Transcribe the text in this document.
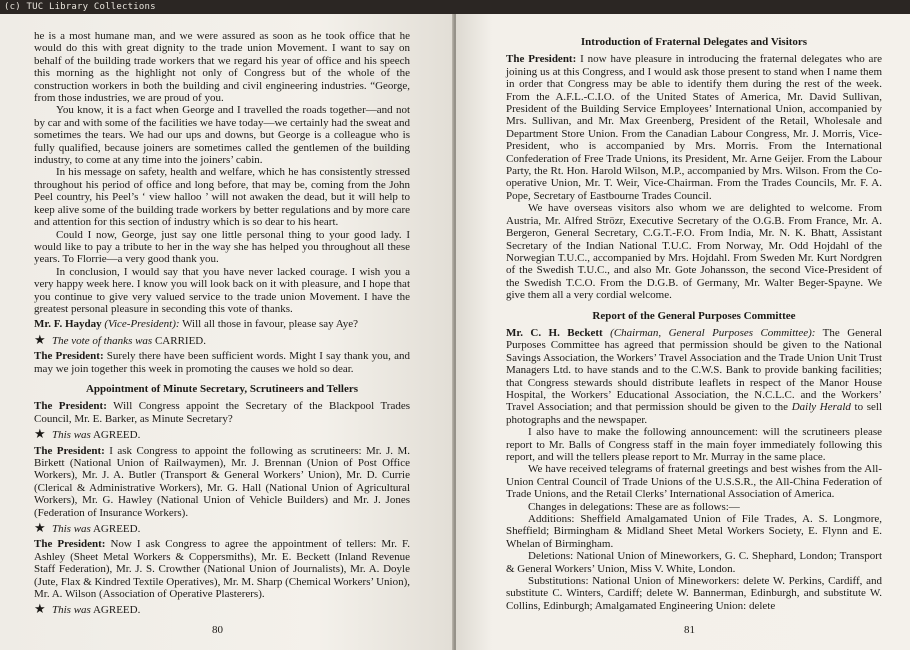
(c) TUC Library Collections

he is a most humane man, and we were assured as soon as he took office that he would do this with great dignity to the trade union Movement. I want to say on behalf of the building trade workers that we regard his year of office and his speech this morning as the highlight not only of Congress but of the whole of the construction workers in both the building and civil engineering industries. “George, from those industries, we are proud of you.

You know, it is a fact when George and I travelled the roads together—and not by car and with some of the facilities we have today—we certainly had the sweat and sometimes the tears. We had our ups and downs, but George is a colleague who is fully qualified, because joiners are sometimes called the gentlemen of the building industry, to come at any time into the joiners’ cabin.

In his message on safety, health and welfare, which he has consistently stressed throughout his period of office and long before, that may be, coming from the John Peel country, his Peel’s ‘ view halloo ’ will not awaken the dead, but it will help to keep alive some of the building trade workers by better regulations and by more care and attention for this section of industry which is so dear to his heart.

Could I now, George, just say one little personal thing to your good lady. I would like to pay a tribute to her in the way she has helped you throughout all these years. To Florrie—a very good thank you.

In conclusion, I would say that you have never lacked courage. I wish you a very happy week here. I know you will look back on it with pleasure, and I hope that you continue to give very valued service to the trade union Movement. I have the greatest personal pleasure in seconding this vote of thanks.

Mr. F. Hayday (Vice-President): Will all those in favour, please say Aye?

★ The vote of thanks was CARRIED.

The President: Surely there have been sufficient words. Might I say thank you, and may we join together this week in promoting the causes we hold so dear.

Appointment of Minute Secretary, Scrutineers and Tellers

The President: Will Congress appoint the Secretary of the Blackpool Trades Council, Mr. E. Barker, as Minute Secretary?

★ This was AGREED.

The President: I ask Congress to appoint the following as scrutineers: Mr. J. M. Birkett (National Union of Railwaymen), Mr. J. Brennan (Union of Post Office Workers), Mr. J. A. Butler (Transport & General Workers’ Union), Mr. D. Currie (Clerical & Administrative Workers), Mr. G. Hall (National Union of Agricultural Workers), Mr. G. Hawley (National Union of Vehicle Builders) and Mr. J. Jones (Federation of Insurance Workers).

★ This was AGREED.

The President: Now I ask Congress to agree the appointment of tellers: Mr. F. Ashley (Sheet Metal Workers & Coppersmiths), Mr. E. Beckett (Inland Revenue Staff Federation), Mr. J. S. Crowther (National Union of Journalists), Mr. A. Doyle (Jute, Flax & Kindred Textile Operatives), Mr. M. Sharp (Chemical Workers’ Union), Mr. A. Wilson (Association of Operative Plasterers).

★ This was AGREED.

80
Introduction of Fraternal Delegates and Visitors

The President: I now have pleasure in introducing the fraternal delegates who are joining us at this Congress, and I would ask those present to stand when I name them in order that Congress may be able to identify them during the rest of the week. From the A.F.L.-C.I.O. of the United States of America, Mr. David Sullivan, President of the Building Service Employees’ International Union, accompanied by Mrs. Sullivan, and Mr. Max Greenberg, President of the Retail, Wholesale and Department Store Union. From the Canadian Labour Congress, Mr. J. Morris, Vice-President, who is accompanied by Mrs. Morris. From the International Confederation of Free Trade Unions, its President, Mr. Arne Geijer. From the Labour Party, the Rt. Hon. Harold Wilson, M.P., accompanied by Mrs. Wilson. From the Co-operative Union, Mr. T. Weir, Vice-Chairman. From the Trades Councils, Mr. F. A. Pope, Secretary of Eastbourne Trades Council.

We have overseas visitors also whom we are delighted to welcome. From Austria, Mr. Alfred Strözr, Executive Secretary of the O.G.B. From France, Mr. A. Bergeron, General Secretary, C.G.T.-F.O. From India, Mr. N. K. Bhatt, Assistant Secretary of the Indian National T.U.C. From Norway, Mr. Odd Hojdahl of the Norwegian T.U.C., accompanied by Mrs. Hojdahl. From Sweden Mr. Kurt Nordgren of the Swedish T.U.C., and also Mr. Gote Johansson, the second Vice-President of the Swedish T.C.O. From the D.G.B. of Germany, Mr. Walter Beger-Spayne. We give them all a very cordial welcome.

Report of the General Purposes Committee

Mr. C. H. Beckett (Chairman, General Purposes Committee): The General Purposes Committee has agreed that permission should be given to the National Savings Association, the Workers’ Travel Association and the Trade Union Unit Trust Managers Ltd. to have stands and to the C.W.S. Bank to provide banking facilities; that Congress stewards should distribute leaflets in respect of the Manor House Hospital, the Workers’ Educational Association, the N.C.L.C. and the Workers’ Travel Association; and that permission should be given to the Daily Herald to sell photographs and the newspaper.

I also have to make the following announcement: will the scrutineers please report to Mr. Balls of Congress staff in the main foyer immediately following this report, and will the tellers please report to Mr. Murray in the same place.

We have received telegrams of fraternal greetings and best wishes from the All-Union Central Council of Trade Unions of the U.S.S.R., the All-China Federation of Trade Unions, and the Retail Clerks’ International Association of America.

Changes in delegations: These are as follows:—

Additions: Sheffield Amalgamated Union of File Trades, A. S. Longmore, Sheffield; Birmingham & Midland Sheet Metal Workers Society, E. Flynn and E. Whelan of Birmingham.

Deletions: National Union of Mineworkers, G. C. Shephard, London; Transport & General Workers’ Union, Miss V. White, London.

Substitutions: National Union of Mineworkers: delete W. Perkins, Cardiff, and substitute C. Winters, Cardiff; delete W. Bannerman, Edinburgh, and substitute W. Collins, Edinburgh; Amalgamated Engineering Union: delete

81
